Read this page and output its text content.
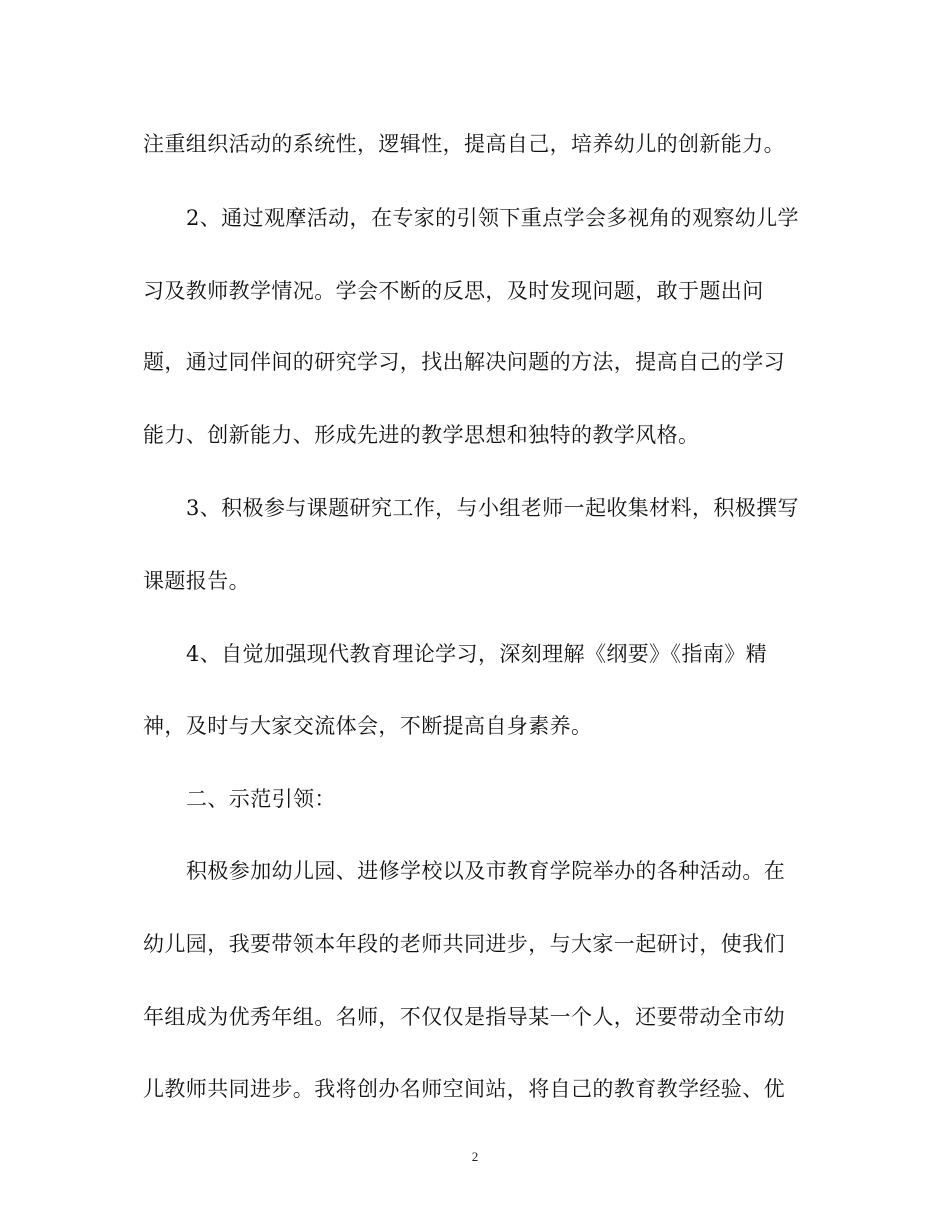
注重组织活动的系统性，逻辑性，提高自己，培养幼儿的创新能力。
2、通过观摩活动，在专家的引领下重点学会多视角的观察幼儿学
习及教师教学情况。学会不断的反思，及时发现问题，敢于题出问
题，通过同伴间的研究学习，找出解决问题的方法，提高自己的学习
能力、创新能力、形成先进的教学思想和独特的教学风格。
3、积极参与课题研究工作，与小组老师一起收集材料，积极撰写
课题报告。
4、自觉加强现代教育理论学习，深刻理解《纲要》《指南》精
神，及时与大家交流体会，不断提高自身素养。
二、示范引领：
积极参加幼儿园、进修学校以及市教育学院举办的各种活动。在
幼儿园，我要带领本年段的老师共同进步，与大家一起研讨，使我们
年组成为优秀年组。名师，不仅仅是指导某一个人，还要带动全市幼
儿教师共同进步。我将创办名师空间站，将自己的教育教学经验、优
2
